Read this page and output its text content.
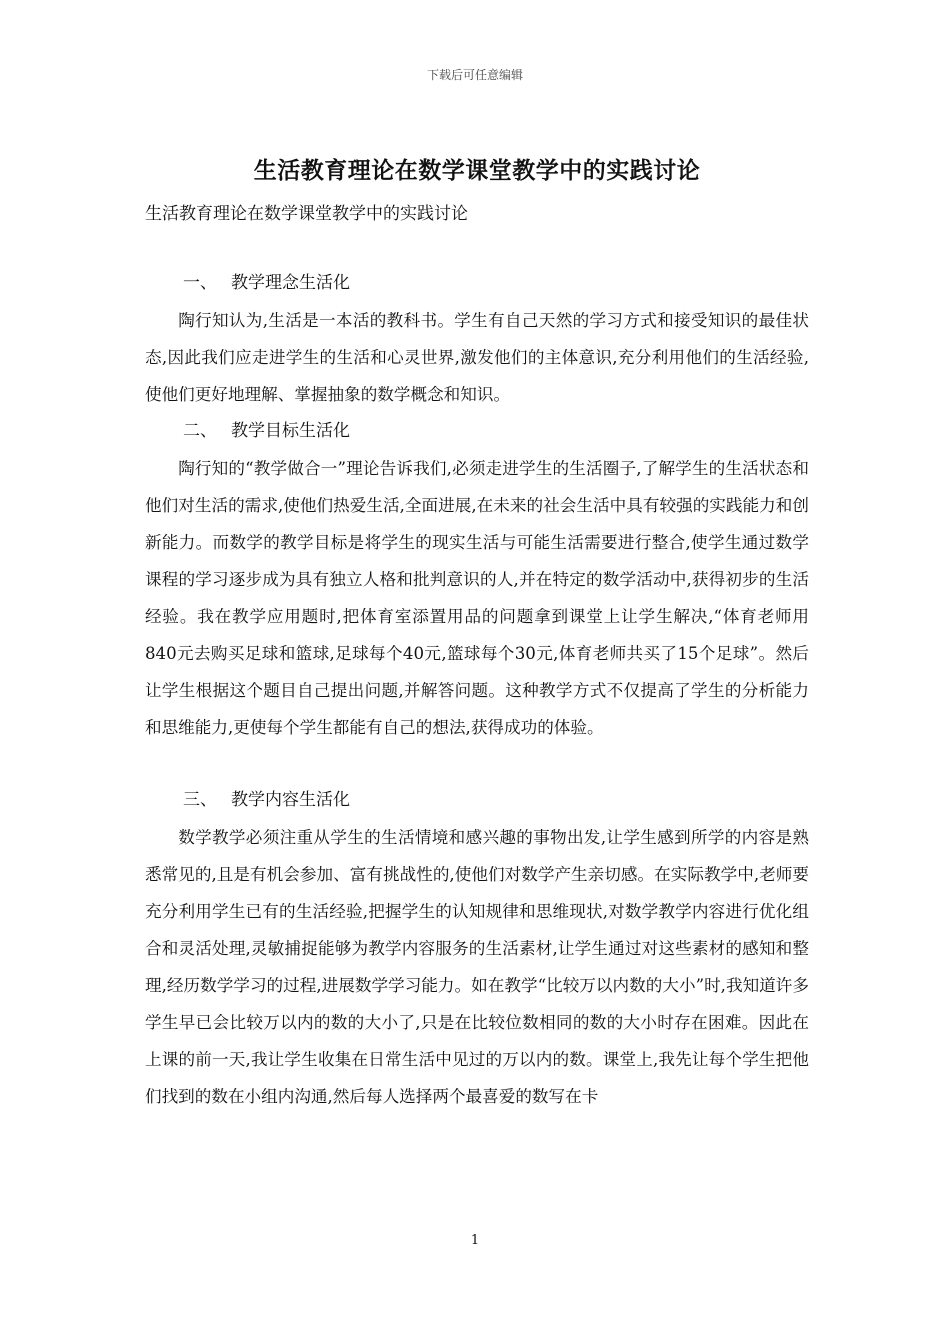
下载后可任意编辑
生活教育理论在数学课堂教学中的实践讨论
生活教育理论在数学课堂教学中的实践讨论
一、 教学理念生活化

陶行知认为,生活是一本活的教科书。学生有自己天然的学习方式和接受知识的最佳状态,因此我们应走进学生的生活和心灵世界,激发他们的主体意识,充分利用他们的生活经验,使他们更好地理解、掌握抽象的数学概念和知识。

二、 教学目标生活化

陶行知的“教学做合一”理论告诉我们,必须走进学生的生活圈子,了解学生的生活状态和他们对生活的需求,使他们热爱生活,全面进展,在未来的社会生活中具有较强的实践能力和创新能力。而数学的教学目标是将学生的现实生活与可能生活需要进行整合,使学生通过数学课程的学习逐步成为具有独立人格和批判意识的人,并在特定的数学活动中,获得初步的生活经验。我在教学应用题时,把体育室添置用品的问题拿到课堂上让学生解决,“体育老师用840元去购买足球和篮球,足球每个40元,篮球每个30元,体育老师共买了15个足球”。然后让学生根据这个题目自己提出问题,并解答问题。这种教学方式不仅提高了学生的分析能力和思维能力,更使每个学生都能有自己的想法,获得成功的体验。

三、 教学内容生活化

数学教学必须注重从学生的生活情境和感兴趣的事物出发,让学生感到所学的内容是熟悉常见的,且是有机会参加、富有挑战性的,使他们对数学产生亲切感。在实际教学中,老师要充分利用学生已有的生活经验,把握学生的认知规律和思维现状,对数学教学内容进行优化组合和灵活处理,灵敏捕捉能够为教学内容服务的生活素材,让学生通过对这些素材的感知和整理,经历数学学习的过程,进展数学学习能力。如在教学“比较万以内数的大小”时,我知道许多学生早已会比较万以内的数的大小了,只是在比较位数相同的数的大小时存在困难。因此在上课的前一天,我让学生收集在日常生活中见过的万以内的数。课堂上,我先让每个学生把他们找到的数在小组内沟通,然后每人选择两个最喜爱的数写在卡

1
